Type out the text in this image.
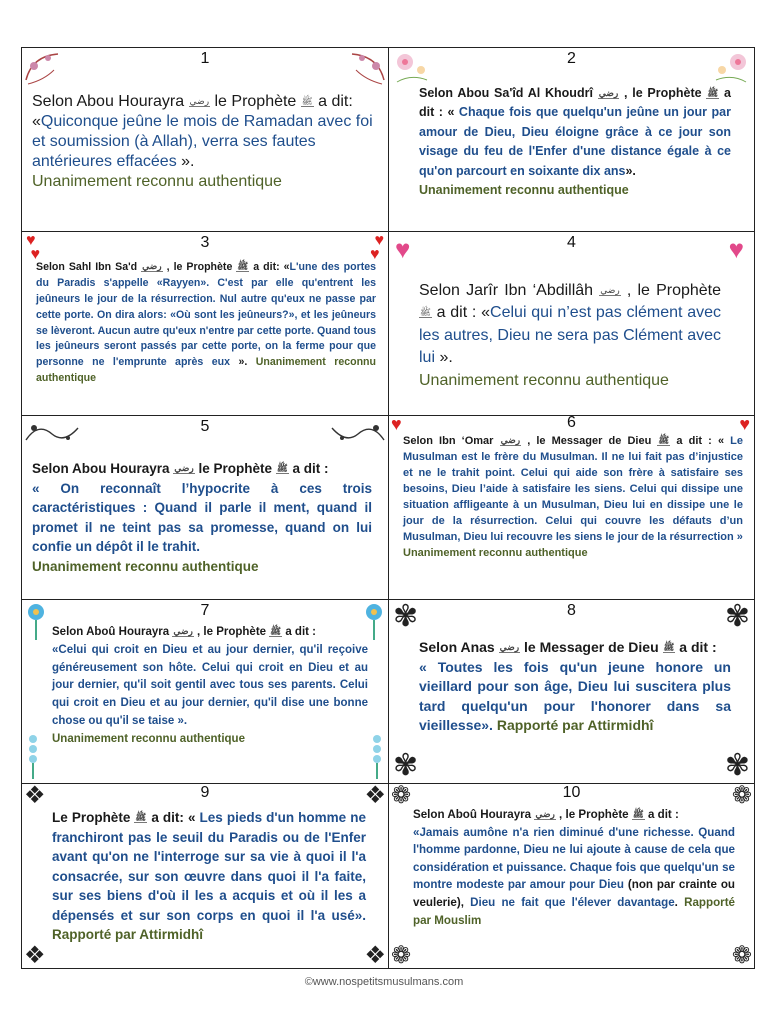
1
Selon Abou Hourayra رضي le Prophète ﷺ a dit: «Quiconque jeûne le mois de Ramadan avec foi et soumission (à Allah), verra ses fautes antérieures effacées ».
Unanimement reconnu authentique
2
Selon Abou Sa'îd Al Khoudrî رضي , le Prophète ﷺ a dit : « Chaque fois que quelqu'un jeûne un jour par amour de Dieu, Dieu éloigne grâce à ce jour son visage du feu de l'Enfer d'une distance égale à ce qu'on parcourt en soixante dix ans».
Unanimement reconnu authentique
♥
♥
♥
♥
3
Selon Sahl Ibn Sa'd رضي , le Prophète ﷺ a dit: «L'une des portes du Paradis s'appelle «Rayyen». C'est par elle qu'entrent les jeûneurs le jour de la résurrection. Nul autre qu'eux ne passe par cette porte. On dira alors: «Où sont les jeûneurs?», et les jeûneurs se lèveront. Aucun autre qu'eux n'entre par cette porte. Quand tous les jeûneurs seront passés par cette porte, on la ferme pour que personne ne l'emprunte après eux ». Unanimement reconnu authentique
♥	♥
4
Selon Jarîr Ibn ‘Abdillâh رضي , le Prophète ﷺ a dit : «Celui qui n’est pas clément avec les autres, Dieu ne sera pas Clément avec lui ».
Unanimement reconnu authentique
5
Selon Abou Hourayra رضي le Prophète ﷺ a dit :
« On reconnaît l’hypocrite à ces trois caractéristiques : Quand il parle il ment, quand il promet il ne teint pas sa promesse, quand on lui confie un dépôt il le trahit.
Unanimement reconnu authentique
♥	♥
6
Selon Ibn ‘Omar رضي , le Messager de Dieu ﷺ a dit : « Le Musulman est le frère du Musulman. Il ne lui fait pas d’injustice et ne le trahit point. Celui qui aide son frère à satisfaire ses besoins, Dieu l’aide à satisfaire les siens. Celui qui dissipe une situation affligeante à un Musulman, Dieu lui en dissipe une le jour de la résurrection. Celui qui couvre les défauts d’un Musulman, Dieu lui recouvre les siens le jour de la résurrection »
Unanimement reconnu authentique
7
Selon Aboû Hourayra رضي , le Prophète ﷺ a dit :
«Celui qui croit en Dieu et au jour dernier, qu'il reçoive généreusement son hôte. Celui qui croit en Dieu et au jour dernier, qu'il soit gentil avec tous ses parents. Celui qui croit en Dieu et au jour dernier, qu'il dise une bonne chose ou qu'il se taise ».
Unanimement reconnu authentique
✾	✾
✾	✾
8
Selon Anas رضي le Messager de Dieu ﷺ a dit :
« Toutes les fois qu'un jeune honore un vieillard pour son âge, Dieu lui suscitera plus tard quelqu'un pour l'honorer dans sa vieillesse». Rapporté par Attirmidhî
❖	❖
❖	❖
9
Le Prophète ﷺ a dit: « Les pieds d'un homme ne franchiront pas le seuil du Paradis ou de l'Enfer avant qu'on ne l'interroge sur sa vie à quoi il l'a consacrée, sur son œuvre dans quoi il l'a faite, sur ses biens d'où il les a acquis et où il les a dépensés et sur son corps en quoi il l'a usé». Rapporté par Attirmidhî
❁	❁
❁	❁
10
Selon Aboû Hourayra رضي , le Prophète ﷺ a dit :
«Jamais aumône n'a rien diminué d'une richesse. Quand l'homme pardonne, Dieu ne lui ajoute à cause de cela que considération et puissance. Chaque fois que quelqu'un se montre modeste par amour pour Dieu (non par crainte ou veulerie), Dieu ne fait que l'élever davantage. Rapporté par Mouslim
©www.nospetitsmusulmans.com
